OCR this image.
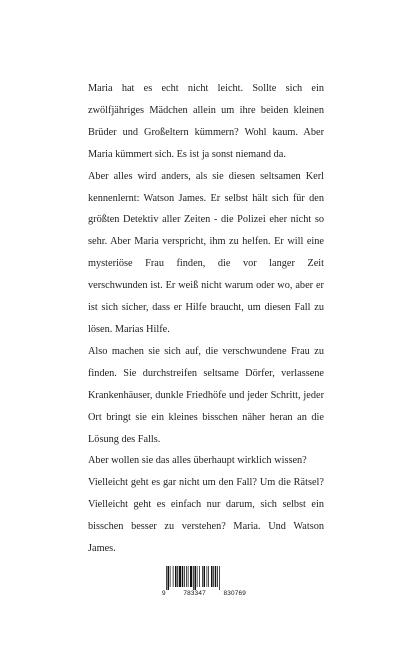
Maria hat es echt nicht leicht. Sollte sich ein zwölfjähriges Mädchen allein um ihre beiden kleinen Brüder und Großeltern kümmern? Wohl kaum. Aber Maria kümmert sich. Es ist ja sonst niemand da.

Aber alles wird anders, als sie diesen seltsamen Kerl kennenlernt: Watson James. Er selbst hält sich für den größten Detektiv aller Zeiten - die Polizei eher nicht so sehr. Aber Maria verspricht, ihm zu helfen. Er will eine mysteriöse Frau finden, die vor langer Zeit verschwunden ist. Er weiß nicht warum oder wo, aber er ist sich sicher, dass er Hilfe braucht, um diesen Fall zu lösen. Marias Hilfe.

Also machen sie sich auf, die verschwundene Frau zu finden. Sie durchstreifen seltsame Dörfer, verlassene Krankenhäuser, dunkle Friedhöfe und jeder Schritt, jeder Ort bringt sie ein kleines bisschen näher heran an die Lösung des Falls.

Aber wollen sie das alles überhaupt wirklich wissen?

Vielleicht geht es gar nicht um den Fall? Um die Rätsel? Vielleicht geht es einfach nur darum, sich selbst ein bisschen besser zu verstehen? Maria. Und Watson James.

9	783347	830769
